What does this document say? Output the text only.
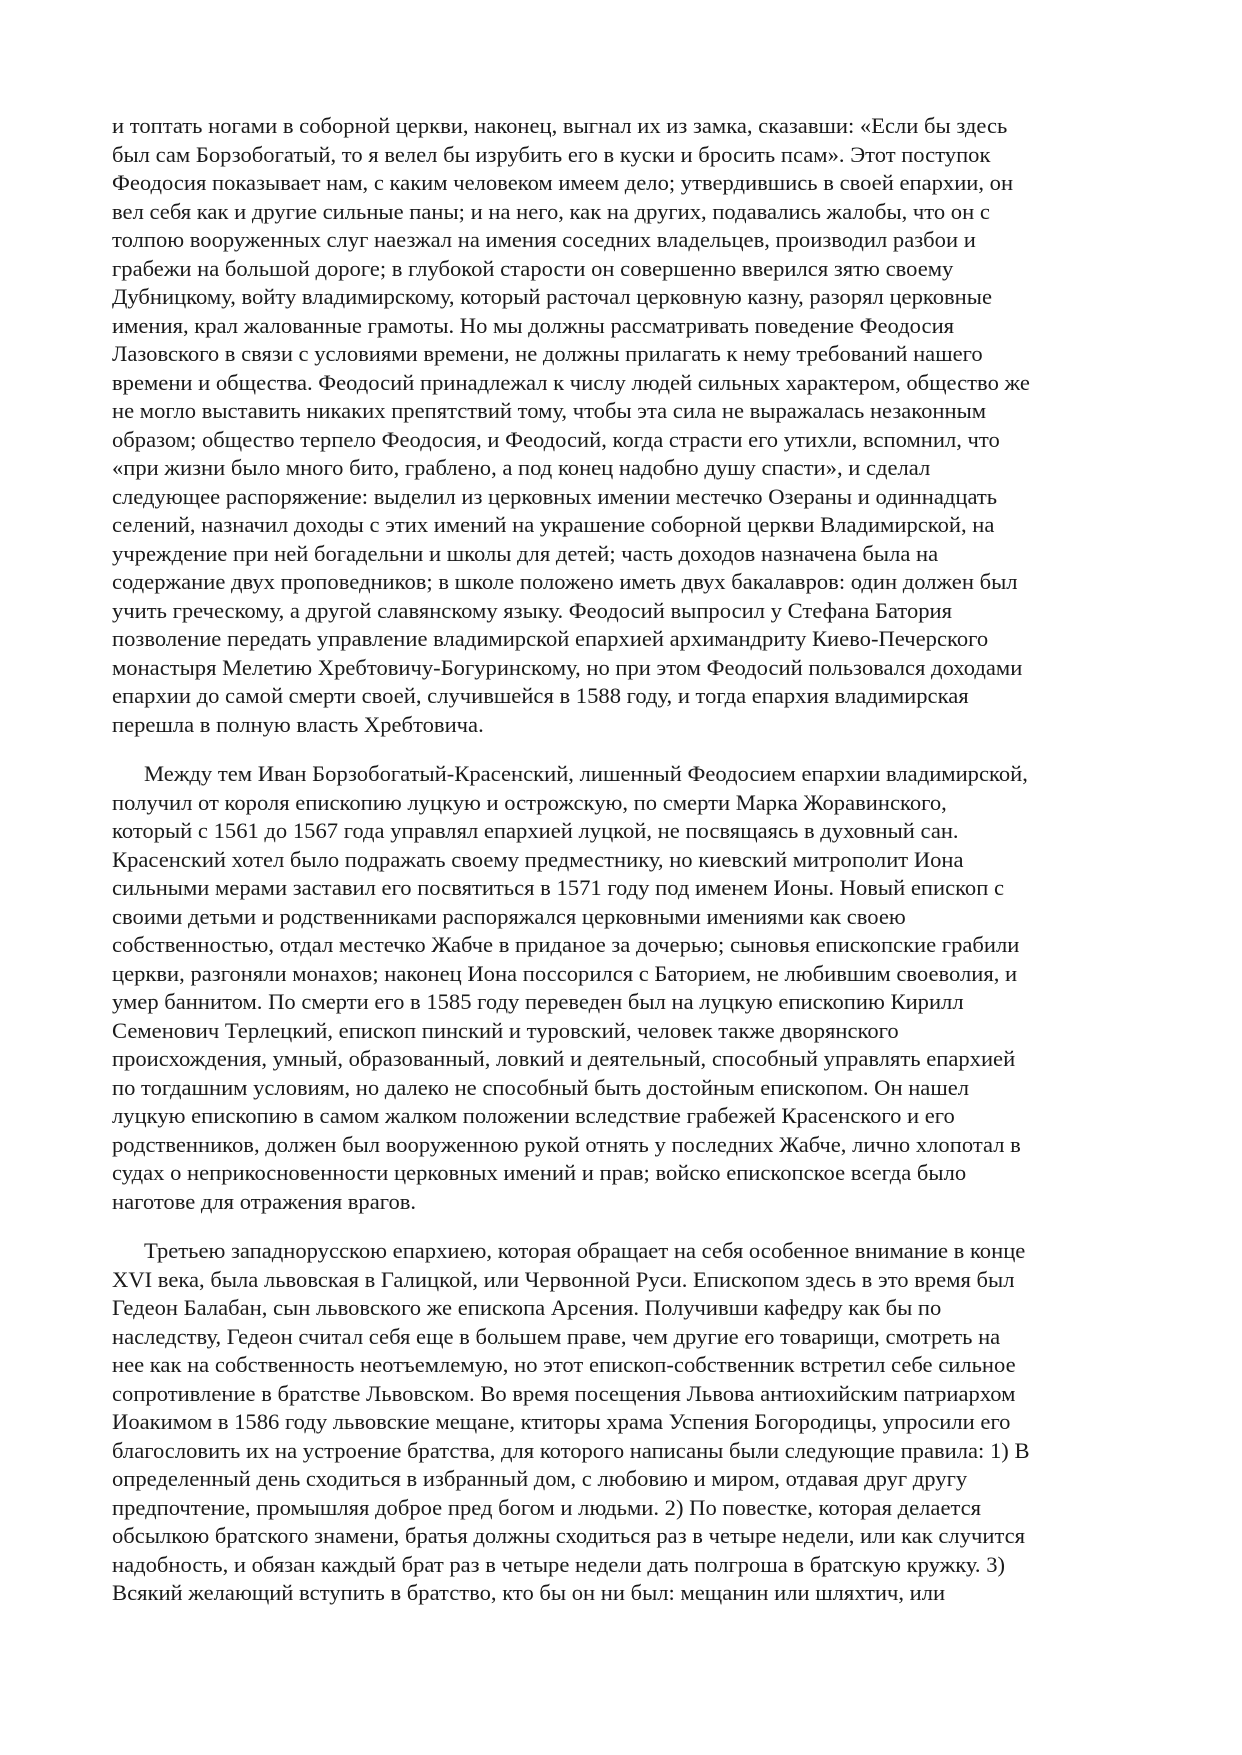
и топтать ногами в соборной церкви, наконец, выгнал их из замка, сказавши: «Если бы здесь
был сам Борзобогатый, то я велел бы изрубить его в куски и бросить псам». Этот поступок
Феодосия показывает нам, с каким человеком имеем дело; утвердившись в своей епархии, он
вел себя как и другие сильные паны; и на него, как на других, подавались жалобы, что он с
толпою вооруженных слуг наезжал на имения соседних владельцев, производил разбои и
грабежи на большой дороге; в глубокой старости он совершенно вверился зятю своему
Дубницкому, войту владимирскому, который расточал церковную казну, разорял церковные
имения, крал жалованные грамоты. Но мы должны рассматривать поведение Феодосия
Лазовского в связи с условиями времени, не должны прилагать к нему требований нашего
времени и общества. Феодосий принадлежал к числу людей сильных характером, общество же
не могло выставить никаких препятствий тому, чтобы эта сила не выражалась незаконным
образом; общество терпело Феодосия, и Феодосий, когда страсти его утихли, вспомнил, что
«при жизни было много бито, граблено, а под конец надобно душу спасти», и сделал
следующее распоряжение: выделил из церковных имении местечко Озераны и одиннадцать
селений, назначил доходы с этих имений на украшение соборной церкви Владимирской, на
учреждение при ней богадельни и школы для детей; часть доходов назначена была на
содержание двух проповедников; в школе положено иметь двух бакалавров: один должен был
учить греческому, а другой славянскому языку. Феодосий выпросил у Стефана Батория
позволение передать управление владимирской епархией архимандриту Киево-Печерского
монастыря Мелетию Хребтовичу-Богуринскому, но при этом Феодосий пользовался доходами
епархии до самой смерти своей, случившейся в 1588 году, и тогда епархия владимирская
перешла в полную власть Хребтовича.

Между тем Иван Борзобогатый-Красенский, лишенный Феодосием епархии владимирской,
получил от короля епископию луцкую и острожскую, по смерти Марка Жоравинского,
который с 1561 до 1567 года управлял епархией луцкой, не посвящаясь в духовный сан.
Красенский хотел было подражать своему предместнику, но киевский митрополит Иона
сильными мерами заставил его посвятиться в 1571 году под именем Ионы. Новый епископ с
своими детьми и родственниками распоряжался церковными имениями как своею
собственностью, отдал местечко Жабче в приданое за дочерью; сыновья епископские грабили
церкви, разгоняли монахов; наконец Иона поссорился с Баторием, не любившим своеволия, и
умер баннитом. По смерти его в 1585 году переведен был на луцкую епископию Кирилл
Семенович Терлецкий, епископ пинский и туровский, человек также дворянского
происхождения, умный, образованный, ловкий и деятельный, способный управлять епархией
по тогдашним условиям, но далеко не способный быть достойным епископом. Он нашел
луцкую епископию в самом жалком положении вследствие грабежей Красенского и его
родственников, должен был вооруженною рукой отнять у последних Жабче, лично хлопотал в
судах о неприкосновенности церковных имений и прав; войско епископское всегда было
наготове для отражения врагов.

Третьею западнорусскою епархиею, которая обращает на себя особенное внимание в конце
XVI века, была львовская в Галицкой, или Червонной Руси. Епископом здесь в это время был
Гедеон Балабан, сын львовского же епископа Арсения. Получивши кафедру как бы по
наследству, Гедеон считал себя еще в большем праве, чем другие его товарищи, смотреть на
нее как на собственность неотъемлемую, но этот епископ-собственник встретил себе сильное
сопротивление в братстве Львовском. Во время посещения Львова антиохийским патриархом
Иоакимом в 1586 году львовские мещане, ктиторы храма Успения Богородицы, упросили его
благословить их на устроение братства, для которого написаны были следующие правила: 1) В
определенный день сходиться в избранный дом, с любовию и миром, отдавая друг другу
предпочтение, промышляя доброе пред богом и людьми. 2) По повестке, которая делается
обсылкою братского знамени, братья должны сходиться раз в четыре недели, или как случится
надобность, и обязан каждый брат раз в четыре недели дать полгроша в братскую кружку. 3)
Всякий желающий вступить в братство, кто бы он ни был: мещанин или шляхтич, или
